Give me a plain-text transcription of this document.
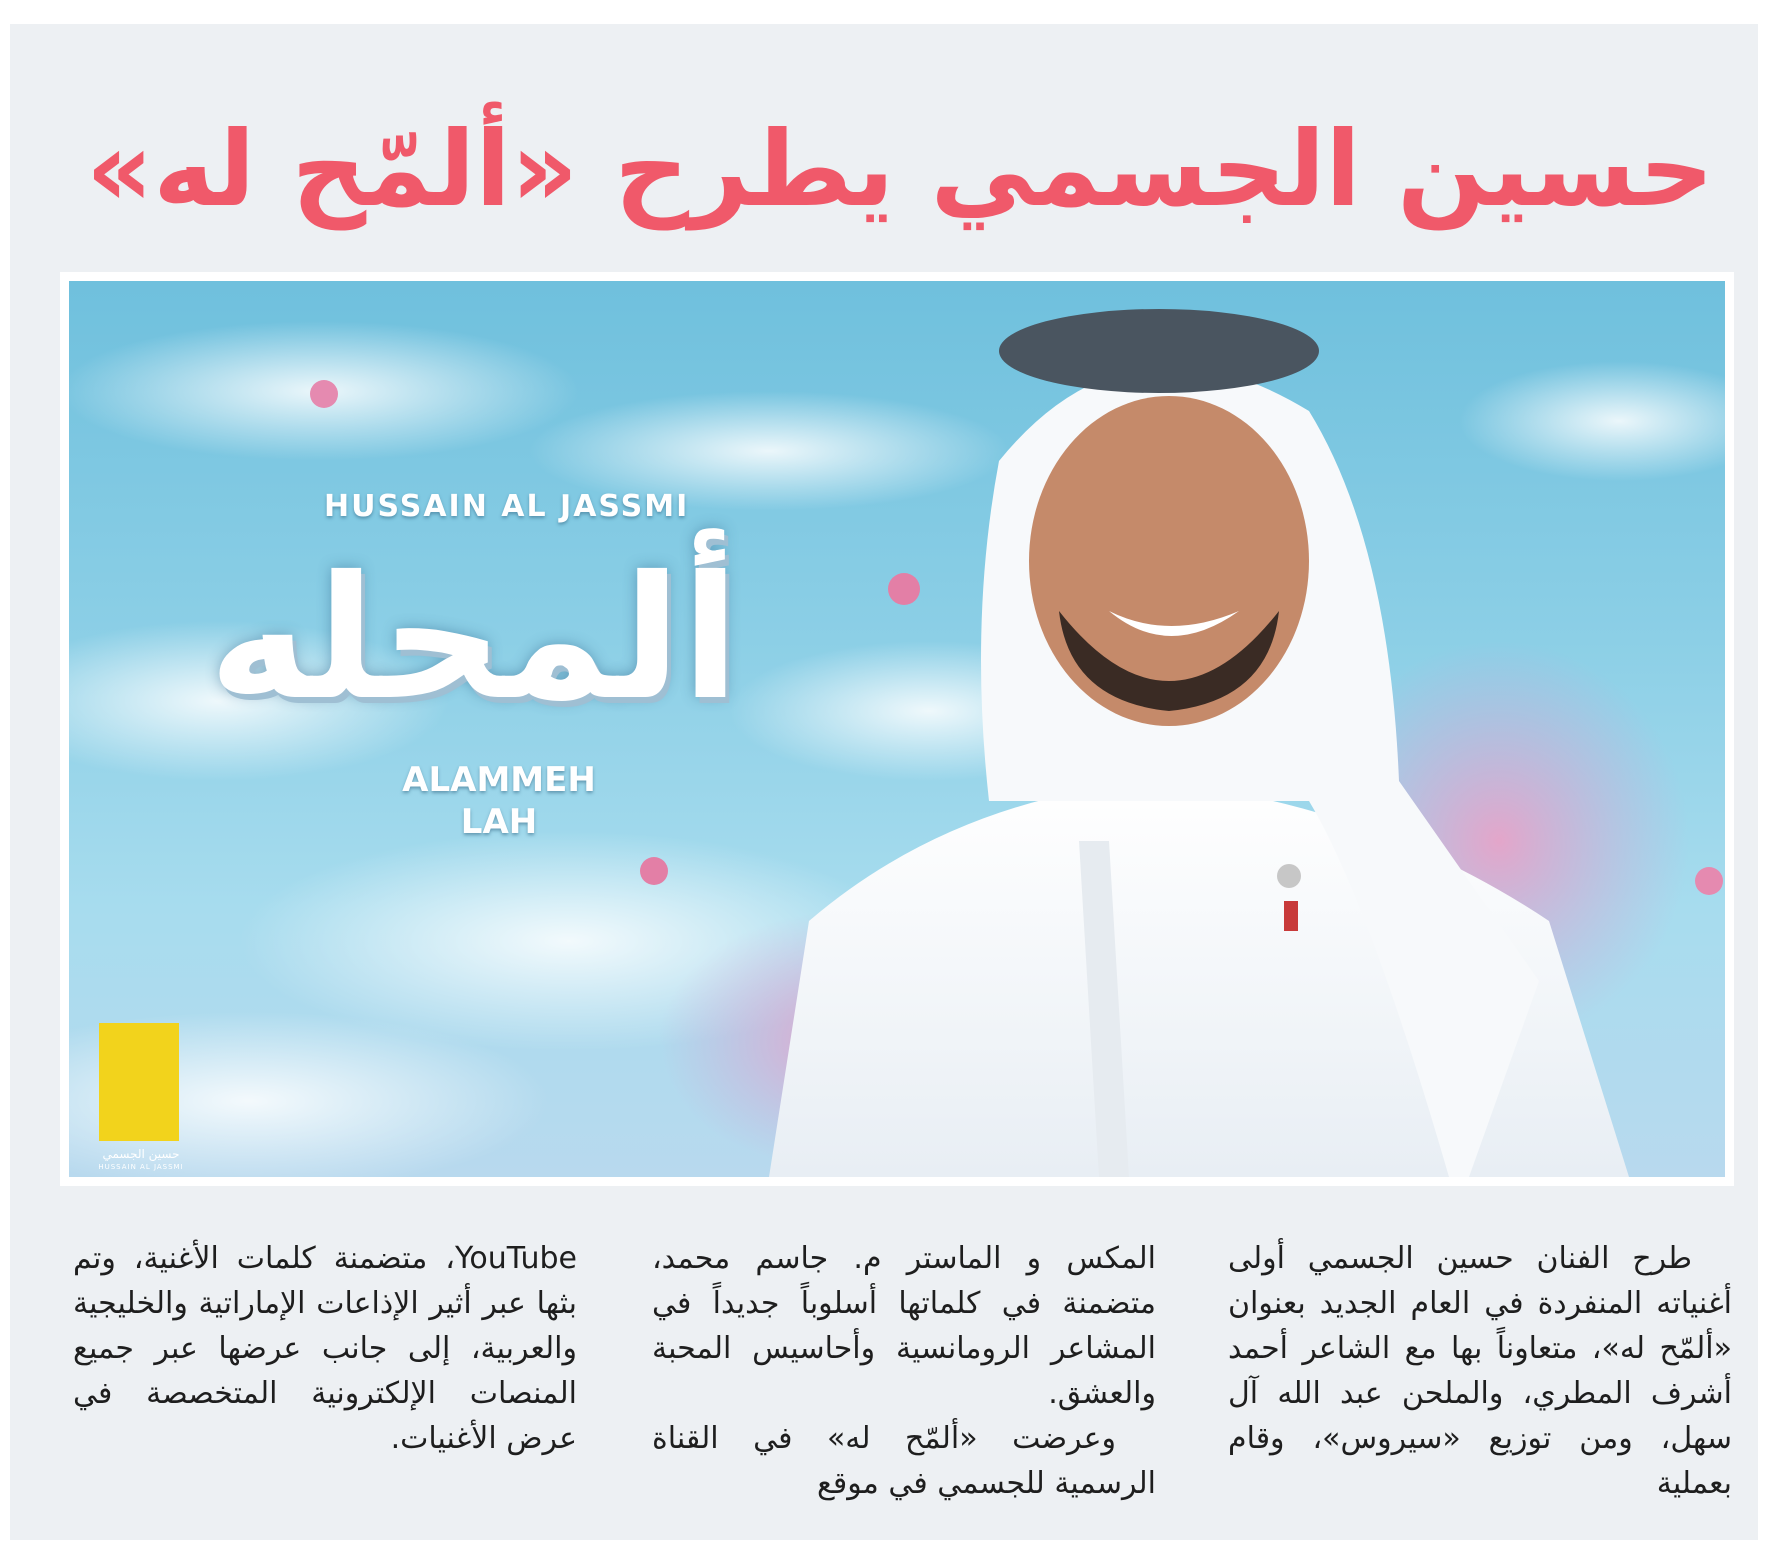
حسين الجسمي يطرح «ألمّح له»
HUSSAIN AL JASSMI
ألمحله
ALAMMEH
LAH
حسين الجسمي
HUSSAIN AL JASSMI

طرح الفنان حسين الجسمي أولى أغنياته المنفردة في العام الجديد بعنوان «ألمّح له»، متعاوناً بها مع الشاعر أحمد أشرف المطري، والملحن عبد الله آل سهل، ومن توزيع «سيروس»، وقام بعملية

المكس و الماستر م. جاسم محمد، متضمنة في كلماتها أسلوباً جديداً في المشاعر الرومانسية وأحاسيس المحبة والعشق.

وعرضت «ألمّح له» في القناة الرسمية للجسمي في موقع

YouTube، متضمنة كلمات الأغنية، وتم بثها عبر أثير الإذاعات الإماراتية والخليجية والعربية، إلى جانب عرضها عبر جميع المنصات الإلكترونية المتخصصة في عرض الأغنيات.
